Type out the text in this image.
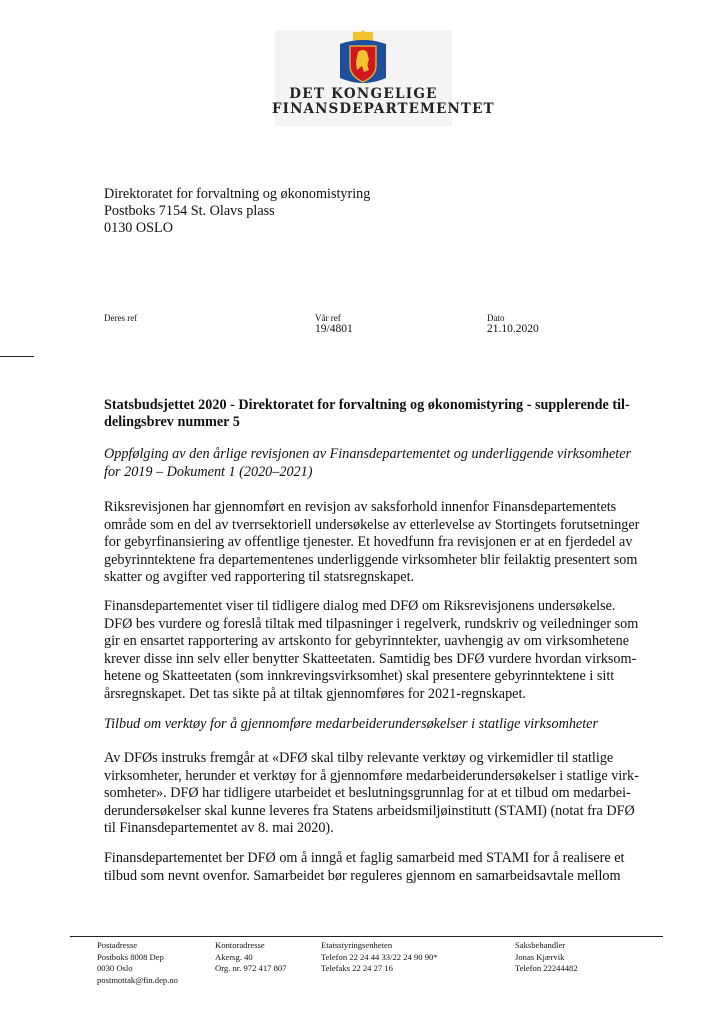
DET KONGELIGE
FINANSDEPARTEMENTET
Direktoratet for forvaltning og økonomistyring
Postboks 7154 St. Olavs plass
0130 OSLO
Deres ref	Vår ref
19/4801
Dato
21.10.2020
Statsbudsjettet 2020 - Direktoratet for forvaltning og økonomistyring - supplerende til-
delingsbrev nummer 5
Oppfølging av den årlige revisjonen av Finansdepartementet og underliggende virksomheter
for 2019 – Dokument 1 (2020–2021)
Riksrevisjonen har gjennomført en revisjon av saksforhold innenfor Finansdepartementets
område som en del av tverrsektoriell undersøkelse av etterlevelse av Stortingets forutsetninger
for gebyrfinansiering av offentlige tjenester. Et hovedfunn fra revisjonen er at en fjerdedel av
gebyrinntektene fra departementenes underliggende virksomheter blir feilaktig presentert som
skatter og avgifter ved rapportering til statsregnskapet.
Finansdepartementet viser til tidligere dialog med DFØ om Riksrevisjonens undersøkelse.
DFØ bes vurdere og foreslå tiltak med tilpasninger i regelverk, rundskriv og veiledninger som
gir en ensartet rapportering av artskonto for gebyrinntekter, uavhengig av om virksomhetene
krever disse inn selv eller benytter Skatteetaten. Samtidig bes DFØ vurdere hvordan virksom-
hetene og Skatteetaten (som innkrevingsvirksomhet) skal presentere gebyrinntektene i sitt
årsregnskapet. Det tas sikte på at tiltak gjennomføres for 2021-regnskapet.
Tilbud om verktøy for å gjennomføre medarbeiderundersøkelser i statlige virksomheter
Av DFØs instruks fremgår at «DFØ skal tilby relevante verktøy og virkemidler til statlige
virksomheter, herunder et verktøy for å gjennomføre medarbeiderundersøkelser i statlige virk-
somheter». DFØ har tidligere utarbeidet et beslutningsgrunnlag for at et tilbud om medarbei-
derundersøkelser skal kunne leveres fra Statens arbeidsmiljøinstitutt (STAMI) (notat fra DFØ
til Finansdepartementet av 8. mai 2020).
Finansdepartementet ber DFØ om å inngå et faglig samarbeid med STAMI for å realisere et
tilbud som nevnt ovenfor. Samarbeidet bør reguleres gjennom en samarbeidsavtale mellom
Postadresse
Postboks 8008 Dep
0030 Oslo
postmottak@fin.dep.no
Kontoradresse
Akersg. 40
Org. nr. 972 417 807
Etatsstyringsenheten
Telefon 22 24 44 33/22 24 90 90*
Telefaks 22 24 27 16
Saksbehandler
Jonas Kjærvik
Telefon 22244482
